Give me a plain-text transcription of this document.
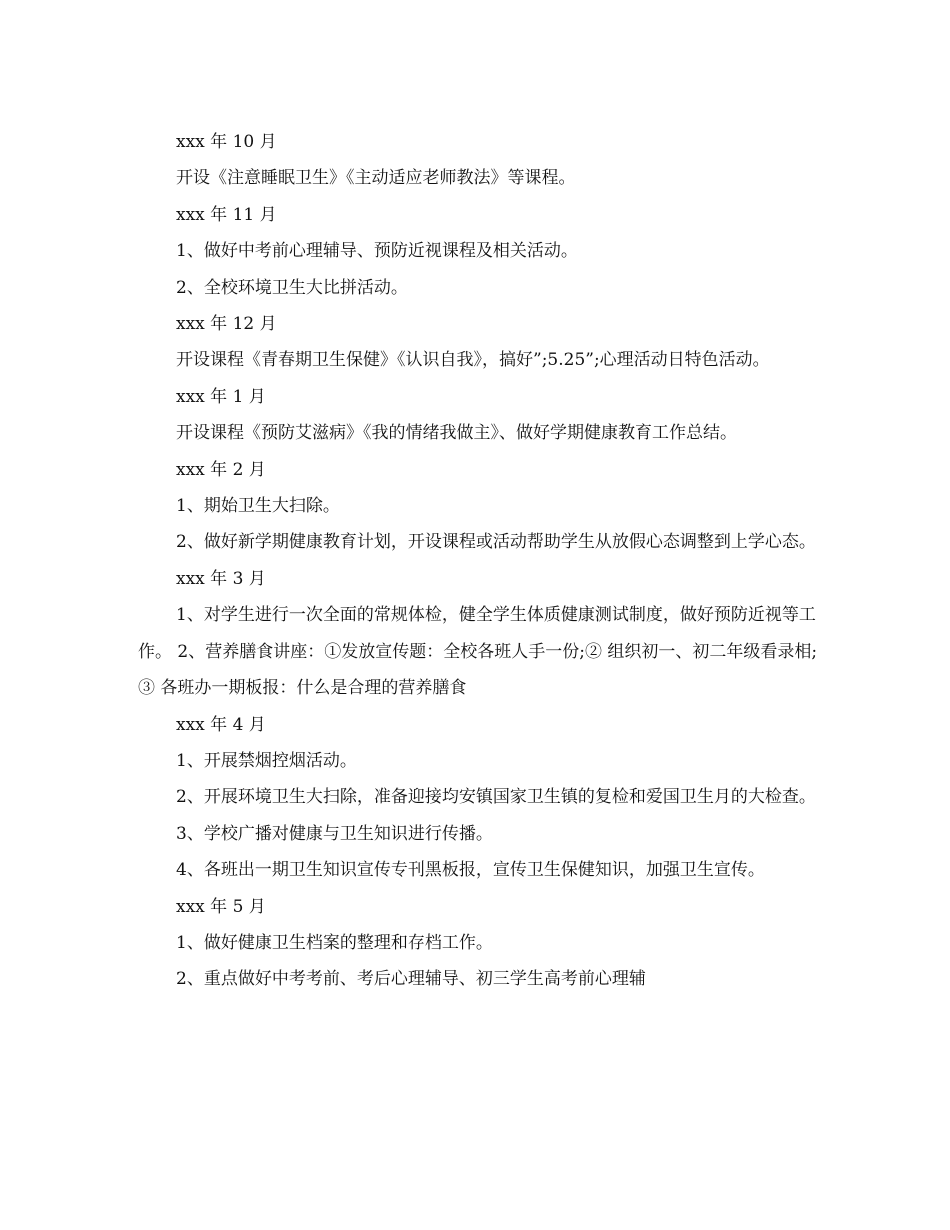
xxx 年 10 月

开设《注意睡眠卫生》《主动适应老师教法》等课程。

xxx 年 11 月

1、做好中考前心理辅导、预防近视课程及相关活动。

2、全校环境卫生大比拼活动。

xxx 年 12 月

开设课程《青春期卫生保健》《认识自我》，搞好”;5.25”;心理活动日特色活动。

xxx 年 1 月

开设课程《预防艾滋病》《我的情绪我做主》、做好学期健康教育工作总结。

xxx 年 2 月

1、期始卫生大扫除。

2、做好新学期健康教育计划，开设课程或活动帮助学生从放假心态调整到上学心态。

xxx 年 3 月

1、对学生进行一次全面的常规体检，健全学生体质健康测试制度，做好预防近视等工作。 2、营养膳食讲座：①发放宣传题：全校各班人手一份;② 组织初一、初二年级看录相;③ 各班办一期板报：什么是合理的营养膳食

xxx 年 4 月

1、开展禁烟控烟活动。

2、开展环境卫生大扫除，准备迎接均安镇国家卫生镇的复检和爱国卫生月的大检查。

3、学校广播对健康与卫生知识进行传播。

4、各班出一期卫生知识宣传专刊黑板报，宣传卫生保健知识，加强卫生宣传。

xxx 年 5 月

1、做好健康卫生档案的整理和存档工作。

2、重点做好中考考前、考后心理辅导、初三学生高考前心理辅
